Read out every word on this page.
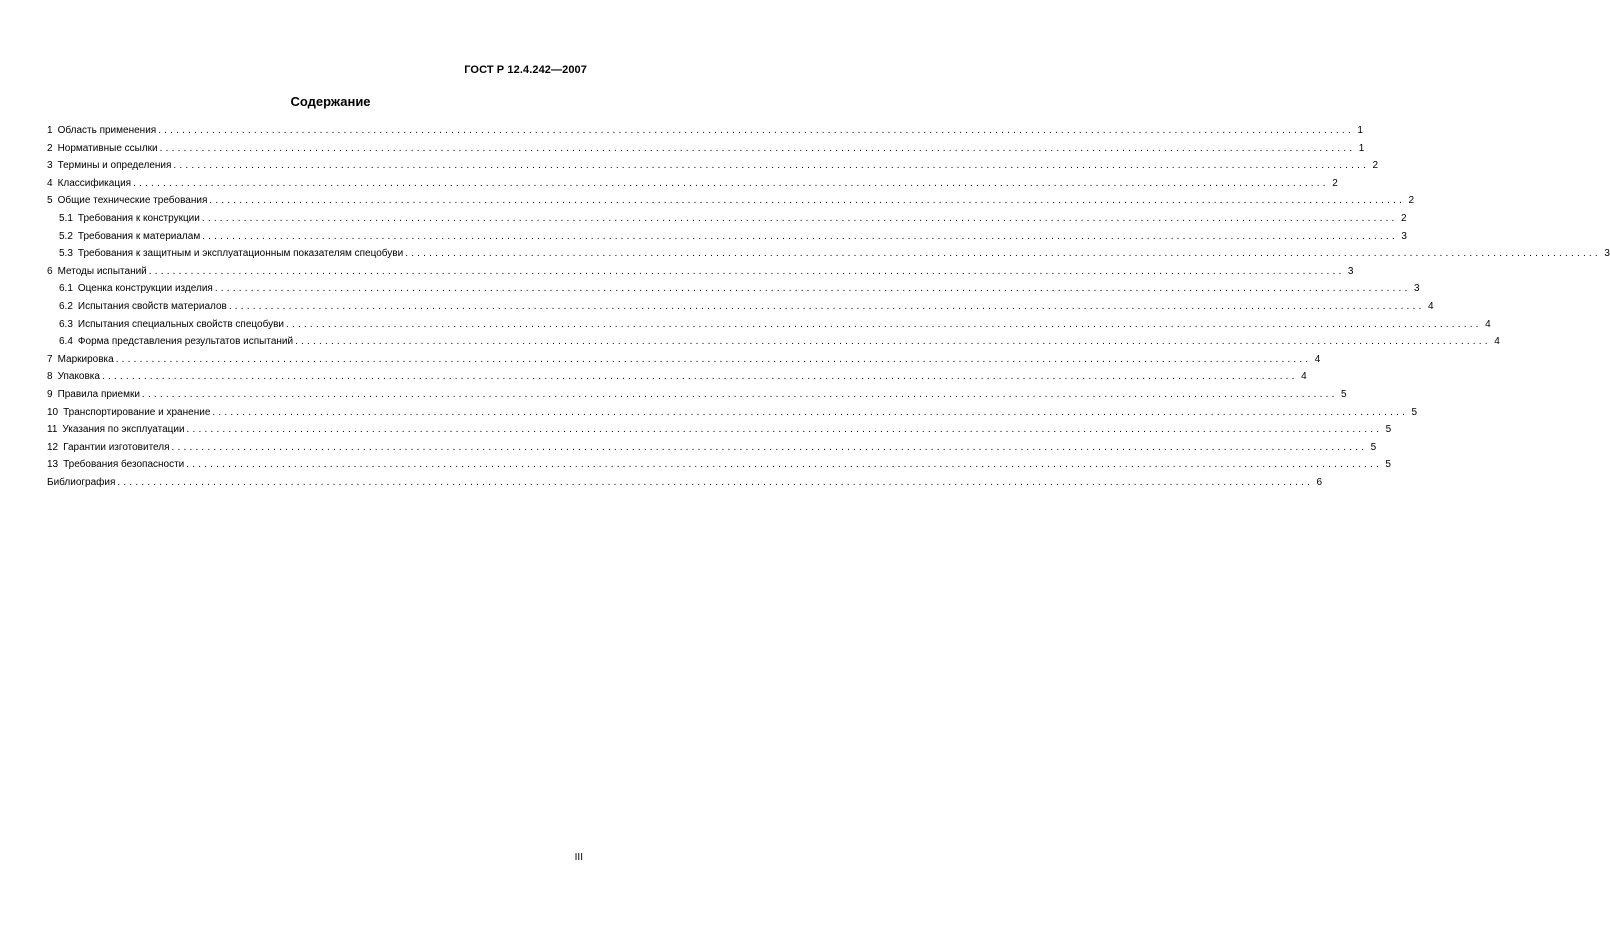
ГОСТ Р 12.4.242—2007
Содержание
1 Область применения ........................................................................................................................................................................................................ 1
2 Нормативные ссылки ........................................................................................................................................................................................................ 1
3 Термины и определения ........................................................................................................................................................................................................ 2
4 Классификация ........................................................................................................................................................................................................ 2
5 Общие технические требования ........................................................................................................................................................................................................ 2
5.1 Требования к конструкции ........................................................................................................................................................................................................ 2
5.2 Требования к материалам ........................................................................................................................................................................................................ 3
5.3 Требования к защитным и эксплуатационным показателям спецобуви ........................................................................................................................................................................................................ 3
6 Методы испытаний ........................................................................................................................................................................................................ 3
6.1 Оценка конструкции изделия ........................................................................................................................................................................................................ 3
6.2 Испытания свойств материалов ........................................................................................................................................................................................................ 4
6.3 Испытания специальных свойств спецобуви ........................................................................................................................................................................................................ 4
6.4 Форма представления результатов испытаний ........................................................................................................................................................................................................ 4
7 Маркировка ........................................................................................................................................................................................................ 4
8 Упаковка ........................................................................................................................................................................................................ 4
9 Правила приемки ........................................................................................................................................................................................................ 5
10 Транспортирование и хранение ........................................................................................................................................................................................................ 5
11 Указания по эксплуатации ........................................................................................................................................................................................................ 5
12 Гарантии изготовителя ........................................................................................................................................................................................................ 5
13 Требования безопасности ........................................................................................................................................................................................................ 5
Библиография ........................................................................................................................................................................................................ 6
III
